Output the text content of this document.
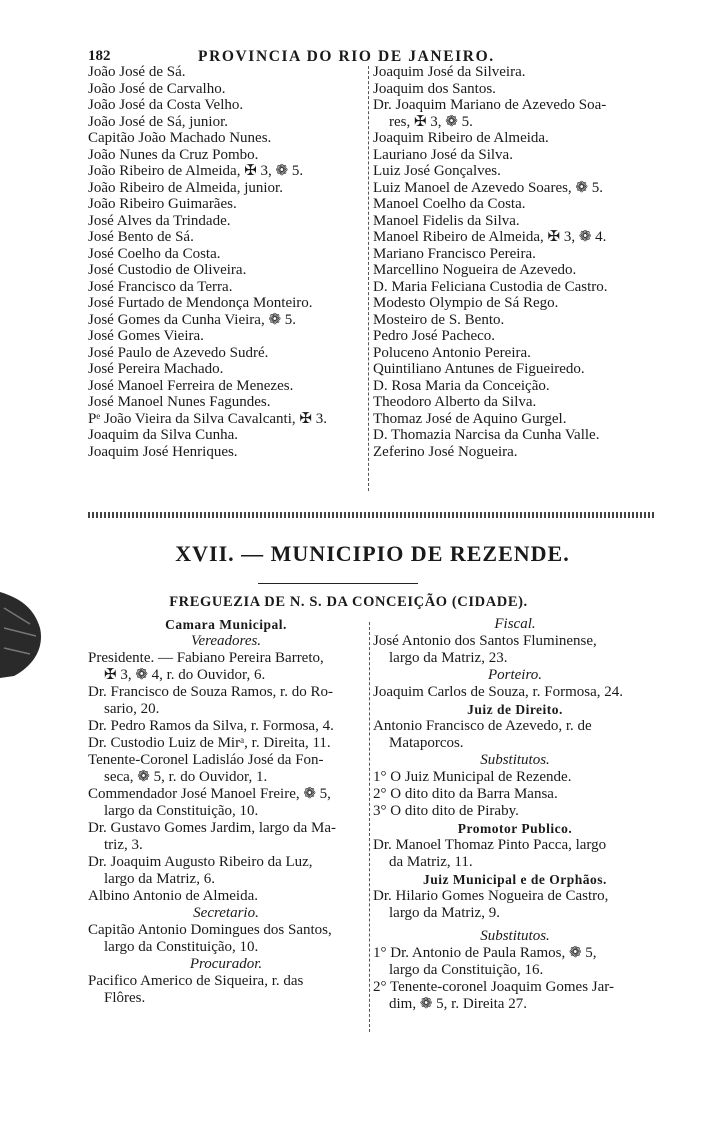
182	PROVINCIA DO RIO DE JANEIRO.
João José de Sá.
João José de Carvalho.
João José da Costa Velho.
João José de Sá, junior.
Capitão João Machado Nunes.
João Nunes da Cruz Pombo.
João Ribeiro de Almeida, ✠ 3, ❁ 5.
João Ribeiro de Almeida, junior.
João Ribeiro Guimarães.
José Alves da Trindade.
José Bento de Sá.
José Coelho da Costa.
José Custodio de Oliveira.
José Francisco da Terra.
José Furtado de Mendonça Monteiro.
José Gomes da Cunha Vieira, ❁ 5.
José Gomes Vieira.
José Paulo de Azevedo Sudré.
José Pereira Machado.
José Manoel Ferreira de Menezes.
José Manoel Nunes Fagundes.
Pᵉ João Vieira da Silva Cavalcanti, ✠ 3.
Joaquim da Silva Cunha.
Joaquim José Henriques.
Joaquim José da Silveira.
Joaquim dos Santos.
Dr. Joaquim Mariano de Azevedo Soa-
res, ✠ 3, ❁ 5.
Joaquim Ribeiro de Almeida.
Lauriano José da Silva.
Luiz José Gonçalves.
Luiz Manoel de Azevedo Soares, ❁ 5.
Manoel Coelho da Costa.
Manoel Fidelis da Silva.
Manoel Ribeiro de Almeida, ✠ 3, ❁ 4.
Mariano Francisco Pereira.
Marcellino Nogueira de Azevedo.
D. Maria Feliciana Custodia de Castro.
Modesto Olympio de Sá Rego.
Mosteiro de S. Bento.
Pedro José Pacheco.
Poluceno Antonio Pereira.
Quintiliano Antunes de Figueiredo.
D. Rosa Maria da Conceição.
Theodoro Alberto da Silva.
Thomaz José de Aquino Gurgel.
D. Thomazia Narcisa da Cunha Valle.
Zeferino José Nogueira.
XVII. — MUNICIPIO DE REZENDE.
FREGUEZIA DE N. S. DA CONCEIÇÃO (CIDADE).
Camara Municipal.
Vereadores.
Presidente. — Fabiano Pereira Barreto,
✠ 3, ❁ 4, r. do Ouvidor, 6.
Dr. Francisco de Souza Ramos, r. do Ro-
sario, 20.
Dr. Pedro Ramos da Silva, r. Formosa, 4.
Dr. Custodio Luiz de Mirᵃ, r. Direita, 11.
Tenente-Coronel Ladisláo José da Fon-
seca, ❁ 5, r. do Ouvidor, 1.
Commendador José Manoel Freire, ❁ 5,
largo da Constituição, 10.
Dr. Gustavo Gomes Jardim, largo da Ma-
triz, 3.
Dr. Joaquim Augusto Ribeiro da Luz,
largo da Matriz, 6.
Albino Antonio de Almeida.
Secretario.
Capitão Antonio Domingues dos Santos,
largo da Constituição, 10.
Procurador.
Pacifico Americo de Siqueira, r. das
Flôres.
Fiscal.
José Antonio dos Santos Fluminense,
largo da Matriz, 23.
Porteiro.
Joaquim Carlos de Souza, r. Formosa, 24.
Juiz de Direito.
Antonio Francisco de Azevedo, r. de
Mataporcos.
Substitutos.
1° O Juiz Municipal de Rezende.
2° O dito dito da Barra Mansa.
3° O dito dito de Piraby.
Promotor Publico.
Dr. Manoel Thomaz Pinto Pacca, largo
da Matriz, 11.
Juiz Municipal e de Orphãos.
Dr. Hilario Gomes Nogueira de Castro,
largo da Matriz, 9.
Substitutos.
1° Dr. Antonio de Paula Ramos, ❁ 5,
largo da Constituição, 16.
2° Tenente-coronel Joaquim Gomes Jar-
dim, ❁ 5, r. Direita 27.
